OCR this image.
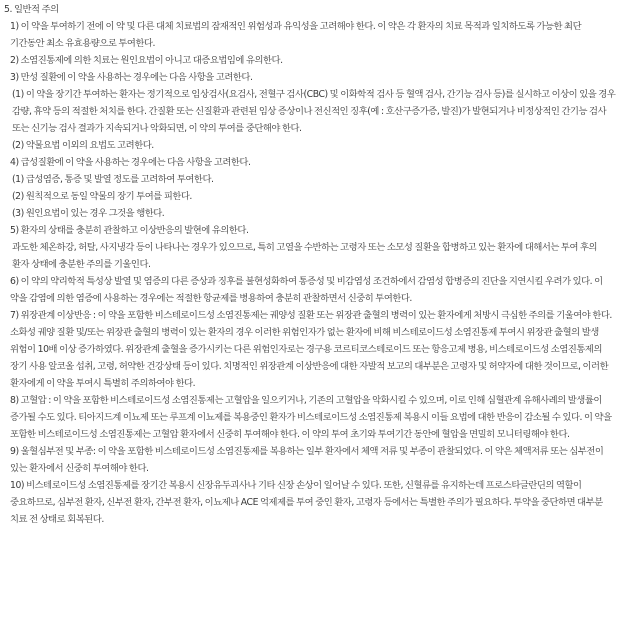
5. 일반적 주의

1) 이 약을 투여하기 전에 이 약 및 다른 대체 치료법의 잠재적인 위험성과 유익성을 고려해야 한다. 이 약은 각 환자의 치료 목적과 일치하도록 가능한 최단 기간동안 최소 유효용량으로 투여한다.

2) 소염진통제에 의한 치료는 원인요법이 아니고 대증요법임에 유의한다.

3) 만성 질환에 이 약을 사용하는 경우에는 다음 사항을 고려한다.

(1) 이 약을 장기간 투여하는 환자는 정기적으로 임상검사(요검사, 전혈구 검사(CBC) 및 이화학적 검사 등 혈액 검사, 간기능 검사 등)를 실시하고 이상이 있을 경우 감량, 휴약 등의 적절한 처치를 한다. 간질환 또는 신질환과 관련된 임상 증상이나 전신적인 징후(예 : 호산구증가증, 발진)가 발현되거나 비정상적인 간기능 검사 또는 신기능 검사 결과가 지속되거나 악화되면, 이 약의 투여를 중단해야 한다.

(2) 약물요법 이외의 요법도 고려한다.

4) 급성질환에 이 약을 사용하는 경우에는 다음 사항을 고려한다.

(1) 급성염증, 통증 및 발열 정도를 고려하여 투여한다.

(2) 원칙적으로 동일 약물의 장기 투여를 피한다.

(3) 원인요법이 있는 경우 그것을 행한다.

5) 환자의 상태를 충분히 관찰하고 이상반응의 발현에 유의한다.

과도한 체온하강, 허탈, 사지냉각 등이 나타나는 경우가 있으므로, 특히 고열을 수반하는 고령자 또는 소모성 질환을 합병하고 있는 환자에 대해서는 투여 후의 환자 상태에 충분한 주의를 기울인다.

6) 이 약의 약리학적 특성상 발열 및 염증의 다른 증상과 징후를 불현성화하여 통증성 및 비감염성 조건하에서 감염성 합병증의 진단을 지연시킬 우려가 있다. 이 약을 감염에 의한 염증에 사용하는 경우에는 적절한 항균제를 병용하여 충분히 관찰하면서 신중히 투여한다.

7) 위장관계 이상반응 : 이 약을 포함한 비스테로이드성 소염진통제는 궤양성 질환 또는 위장관 출혈의 병력이 있는 환자에게 처방시 극심한 주의를 기울여야 한다. 소화성 궤양 질환 및/또는 위장관 출혈의 병력이 있는 환자의 경우 이러한 위험인자가 없는 환자에 비해 비스테로이드성 소염진통제 투여시 위장관 출혈의 발생 위험이 10배 이상 증가하였다. 위장관계 출혈을 증가시키는 다른 위험인자로는 경구용 코르티코스테로이드 또는 항응고제 병용, 비스테로이드성 소염진통제의 장기 사용 알코올 섭취, 고령, 허약한 건강상태 등이 있다. 치명적인 위장관계 이상반응에 대한 자발적 보고의 대부분은 고령자 및 허약자에 대한 것이므로, 이러한 환자에게 이 약을 투여시 특별히 주의하여야 한다.

8) 고혈압 : 이 약을 포함한 비스테로이드성 소염진통제는 고혈압을 일으키거나, 기존의 고혈압을 악화시킬 수 있으며, 이로 인해 심혈관계 유해사례의 발생률이 증가될 수도 있다. 티아지드계 이뇨제 또는 루프계 이뇨제를 복용중인 환자가 비스테로이드성 소염진통제 복용시 이들 요법에 대한 반응이 감소될 수 있다. 이 약을 포함한 비스테로이드성 소염진통제는 고혈압 환자에서 신중히 투여해야 한다. 이 약의 투여 초기와 투여기간 동안에 혈압을 면밀히 모니터링해야 한다.

9) 울혈심부전 및 부종: 이 약을 포함한 비스테로이드성 소염진통제를 복용하는 일부 환자에서 체액 저류 및 부종이 관찰되었다. 이 약은 체액저류 또는 심부전이 있는 환자에서 신중히 투여해야 한다.

10) 비스테로이드성 소염진통제를 장기간 복용시 신장유두괴사나 기타 신장 손상이 일어날 수 있다. 또한, 신혈류를 유지하는데 프로스타글란딘의 역할이 중요하므로, 심부전 환자, 신부전 환자, 간부전 환자, 이뇨제나 ACE 억제제를 투여 중인 환자, 고령자 등에서는 특별한 주의가 필요하다. 투약을 중단하면 대부분 치료 전 상태로 회복된다.
